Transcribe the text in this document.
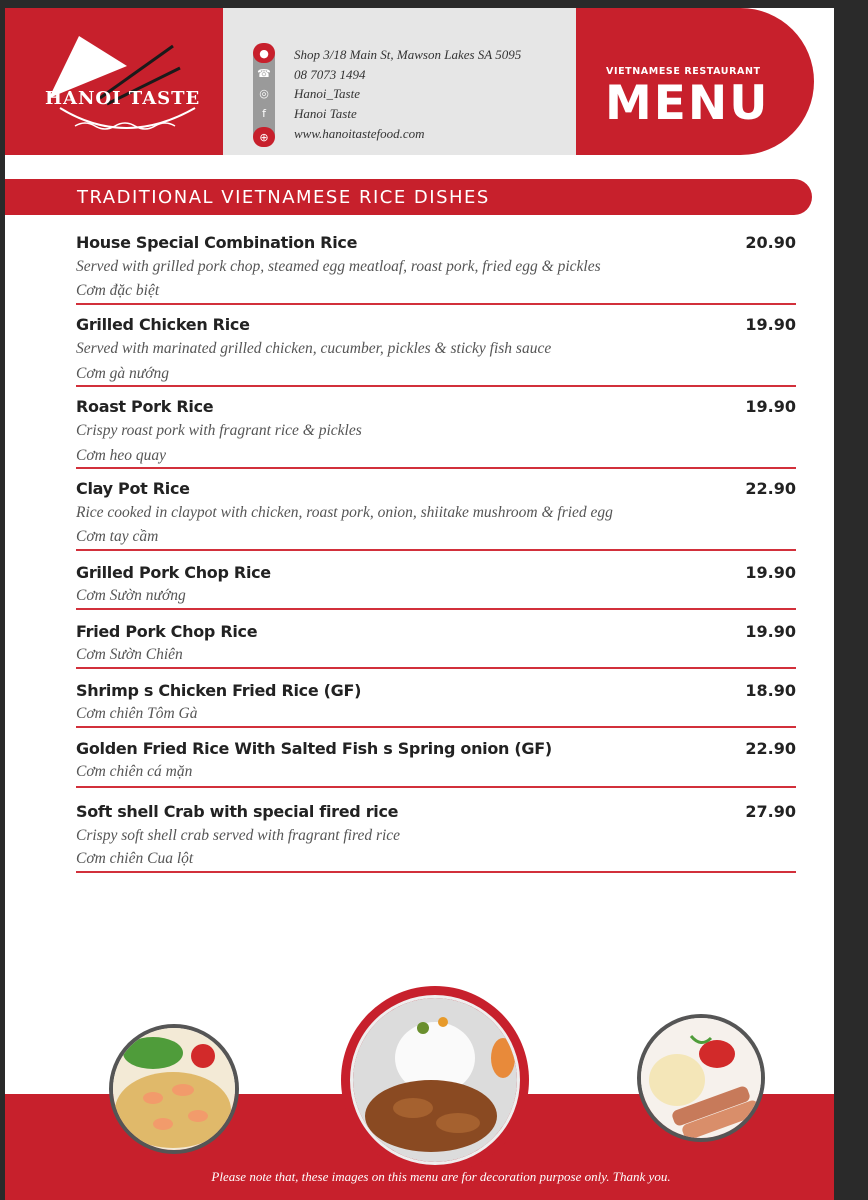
HANOI TASTE
●
☎
◎
f
⊕
Shop 3/18 Main St, Mawson Lakes SA 5095
08 7073 1494
Hanoi_Taste
Hanoi Taste
www.hanoitastefood.com
VIETNAMESE RESTAURANT
MENU
TRADITIONAL VIETNAMESE RICE DISHES
House Special Combination Rice	20.90
Served with grilled pork chop, steamed egg meatloaf, roast pork, fried egg & pickles
Cơm đặc biệt
Grilled Chicken Rice	19.90
Served with marinated grilled chicken, cucumber, pickles & sticky fish sauce
Cơm gà nướng
Roast Pork Rice	19.90
Crispy roast pork with fragrant rice & pickles
Cơm heo quay
Clay Pot Rice	22.90
Rice cooked in claypot with chicken, roast pork, onion, shiitake mushroom & fried egg
Cơm tay cầm
Grilled Pork Chop Rice	19.90
Cơm Sườn nướng
Fried Pork Chop Rice	19.90
Cơm Sườn Chiên
Shrimp s Chicken Fried Rice (GF)	18.90
Cơm chiên Tôm Gà
Golden Fried Rice With Salted Fish s Spring onion (GF)	22.90
Cơm chiên cá mặn
Soft shell Crab with special fired rice	27.90
Crispy soft shell crab served with fragrant fired rice
Cơm chiên Cua lột
Please note that, these images on this menu are for decoration purpose only. Thank you.
